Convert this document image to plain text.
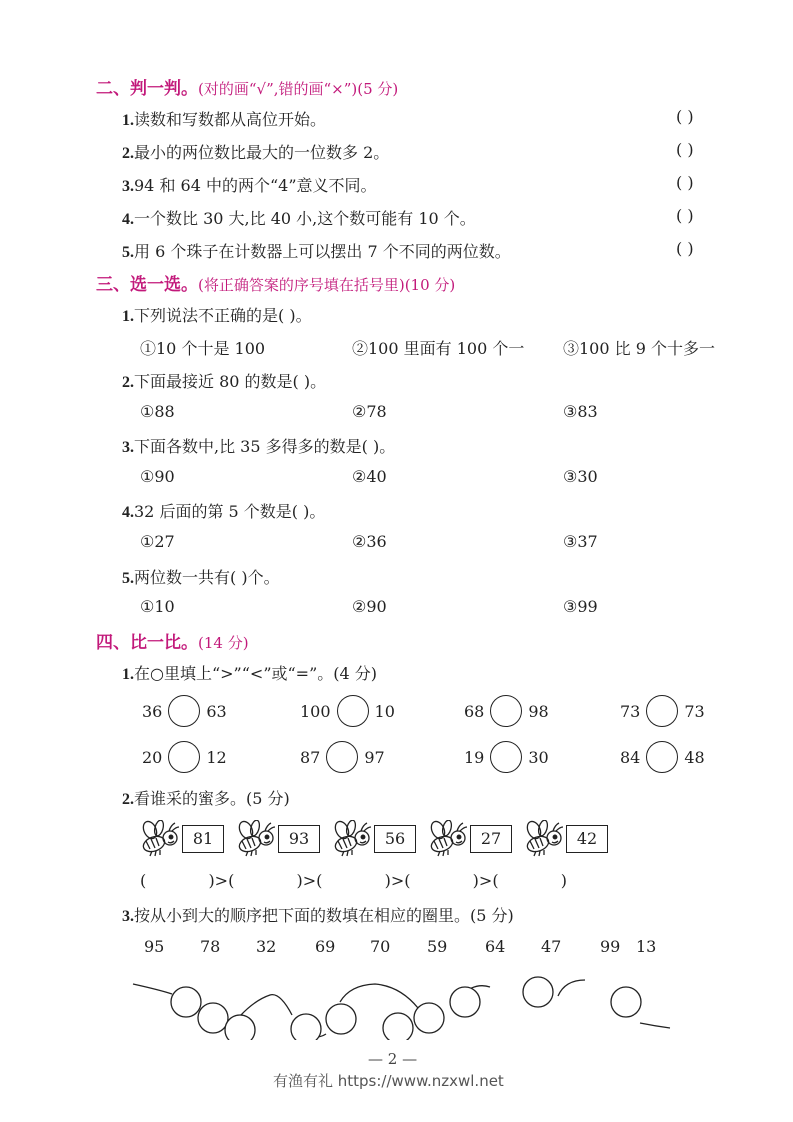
二、判一判。(对的画“√”,错的画“×”)(5 分)
1.读数和写数都从高位开始。	( )
2.最小的两位数比最大的一位数多 2。	( )
3.94 和 64 中的两个“4”意义不同。	( )
4.一个数比 30 大,比 40 小,这个数可能有 10 个。	( )
5.用 6 个珠子在计数器上可以摆出 7 个不同的两位数。	( )
三、选一选。(将正确答案的序号填在括号里)(10 分)
1.下列说法不正确的是( )。
①10 个十是 100	②100 里面有 100 个一 ③100 比 9 个十多一
2.下面最接近 80 的数是( )。
①88	②78	③83
3.下面各数中,比 35 多得多的数是( )。
①90	②40	③30
4.32 后面的第 5 个数是( )。
①27	②36	③37
5.两位数一共有( )个。
①10	②90	③99
四、比一比。(14 分)
1.在○里填上“>”“<”或“=”。(4 分)
36	63	100	10	68	98	73	73
20	12	87	97	19	30	84	48
2.看谁采的蜜多。(5 分)
81	93	56	27	42
(	)>(	)>(	)>(	)>(	)
3.按从小到大的顺序把下面的数填在相应的圈里。(5 分)
95 78 32 69 70 59 64 47 99 13
— 2 —
有渔有礼 https://www.nzxwl.net
